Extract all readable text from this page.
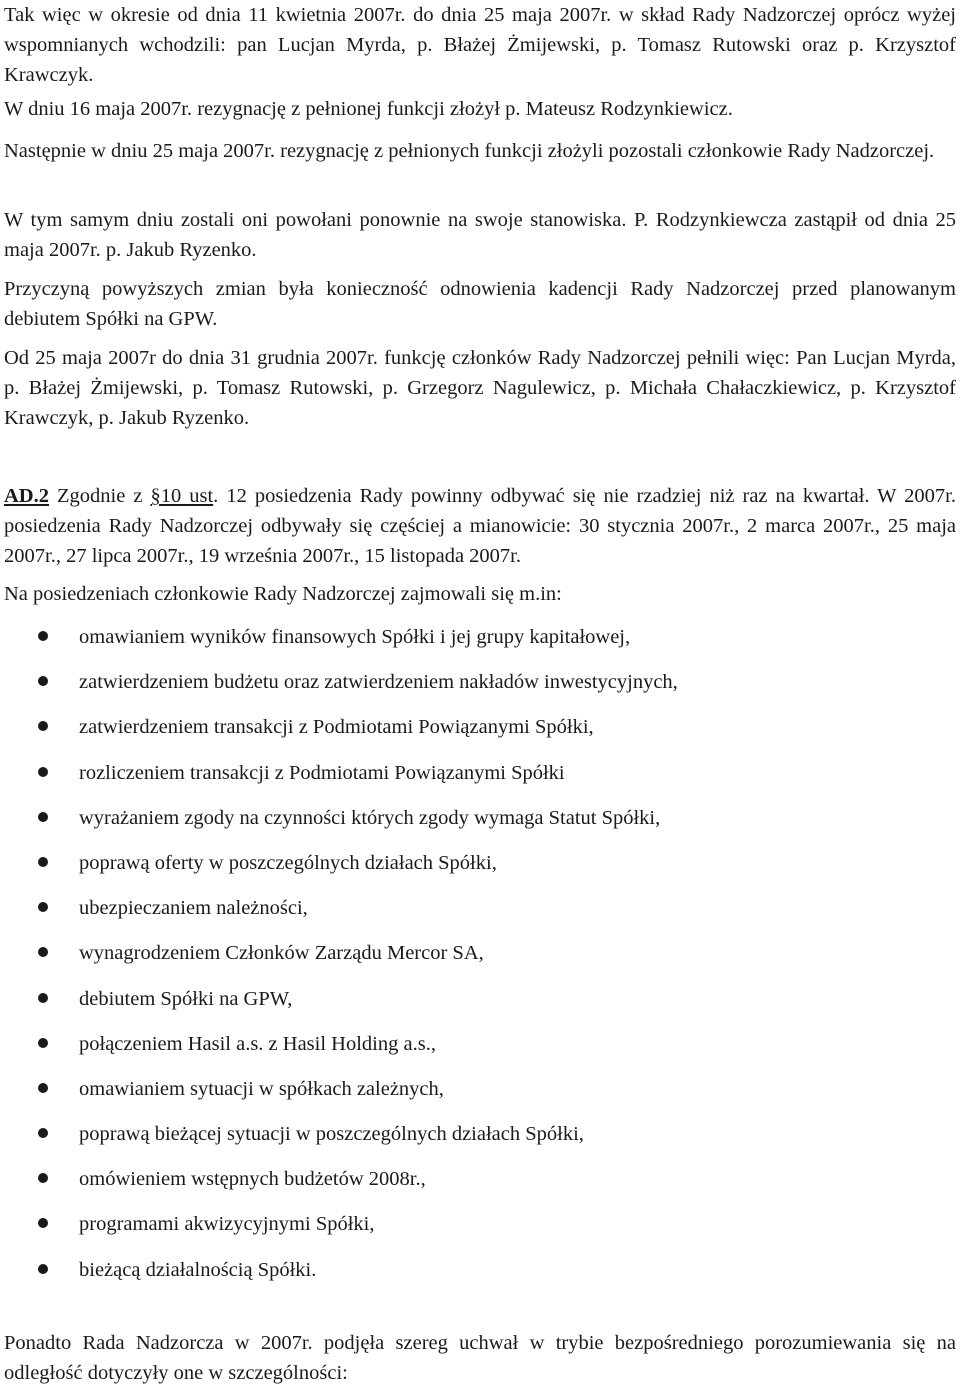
Tak więc w okresie od dnia 11 kwietnia 2007r. do dnia 25 maja 2007r. w skład Rady Nadzorczej oprócz wyżej wspomnianych wchodzili: pan Lucjan Myrda, p. Błażej Żmijewski, p. Tomasz Rutowski oraz p. Krzysztof Krawczyk.

W dniu 16 maja 2007r. rezygnację z pełnionej funkcji złożył p. Mateusz Rodzynkiewicz.

Następnie w dniu 25 maja 2007r. rezygnację z pełnionych funkcji złożyli pozostali członkowie Rady Nadzorczej.

W tym samym dniu zostali oni powołani ponownie na swoje stanowiska. P. Rodzynkiewcza zastąpił od dnia 25 maja 2007r. p. Jakub Ryzenko.

Przyczyną powyższych zmian była konieczność odnowienia kadencji Rady Nadzorczej przed planowanym debiutem Spółki na GPW.

Od 25 maja 2007r do dnia 31 grudnia 2007r. funkcję członków Rady Nadzorczej pełnili więc: Pan Lucjan Myrda, p. Błażej Żmijewski, p. Tomasz Rutowski, p. Grzegorz Nagulewicz, p. Michała Chałaczkiewicz, p. Krzysztof Krawczyk, p. Jakub Ryzenko.

AD.2 Zgodnie z §10 ust. 12 posiedzenia Rady powinny odbywać się nie rzadziej niż raz na kwartał. W 2007r. posiedzenia Rady Nadzorczej odbywały się częściej a mianowicie: 30 stycznia 2007r., 2 marca 2007r., 25 maja 2007r., 27 lipca 2007r., 19 września 2007r., 15 listopada 2007r.

Na posiedzeniach członkowie Rady Nadzorczej zajmowali się m.in:

omawianiem wyników finansowych Spółki i jej grupy kapitałowej,
zatwierdzeniem budżetu oraz zatwierdzeniem nakładów inwestycyjnych,
zatwierdzeniem transakcji z Podmiotami Powiązanymi Spółki,
rozliczeniem transakcji z Podmiotami Powiązanymi Spółki
wyrażaniem zgody na czynności których zgody wymaga Statut Spółki,
poprawą oferty w poszczególnych działach Spółki,
ubezpieczaniem należności,
wynagrodzeniem Członków Zarządu Mercor SA,
debiutem Spółki na GPW,
połączeniem Hasil a.s. z Hasil Holding a.s.,
omawianiem sytuacji w spółkach zależnych,
poprawą bieżącej sytuacji w poszczególnych działach Spółki,
omówieniem wstępnych budżetów 2008r.,
programami akwizycyjnymi Spółki,
bieżącą działalnością Spółki.

Ponadto Rada Nadzorcza w 2007r. podjęła szereg uchwał w trybie bezpośredniego porozumiewania się na odległość dotyczyły one w szczególności:
